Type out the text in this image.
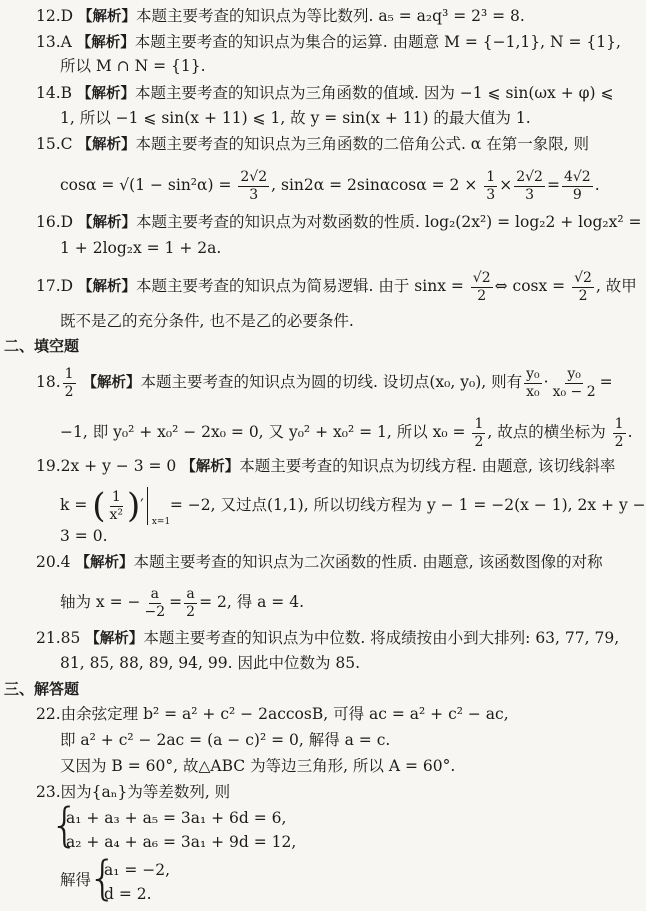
12.D 【解析】本题主要考查的知识点为等比数列. a₅ = a₂q³ = 2³ = 8.
13.A 【解析】本题主要考查的知识点为集合的运算. 由题意 M = {−1,1}, N = {1},
所以 M ∩ N = {1}.
14.B 【解析】本题主要考查的知识点为三角函数的值域. 因为 −1 ⩽ sin(ωx + φ) ⩽
1, 所以 −1 ⩽ sin(x + 11) ⩽ 1, 故 y = sin(x + 11) 的最大值为 1.
15.C 【解析】本题主要考查的知识点为三角函数的二倍角公式. α 在第一象限, 则
$\cos\alpha = √(1 - \sin^2\alpha) = \frac{2√2}{3}$ , $\sin 2\alpha = 2\sin\alpha\cos\alpha = 2 \times \frac{1}{3} \times \frac{2√2}{3} = \frac{4√2}{9}$ .
16.D 【解析】本题主要考查的知识点为对数函数的性质. log₂(2x²) = log₂2 + log₂x² =
1 + 2log₂x = 1 + 2a.
17.D 【解析】本题主要考查的知识点为简易逻辑. 由于 $\sin x = \frac{√2}{2}$ ⇔ $\cos x = \frac{√2}{2}$ , 故甲
既不是乙的充分条件, 也不是乙的必要条件.
二、填空题
18. $\frac{1}{2}$ 【解析】本题主要考查的知识点为圆的切线. 设切点(x₀, y₀), 则有 $\frac{\text{y₀}}{\text{x₀}} \cdot \frac{\text{y₀}}{\text{x₀ − 2}}$ =
−1, 即 y₀² + x₀² − 2x₀ = 0, 又 y₀² + x₀² = 1, 所以 $x_0 = \frac{1}{2}$ , 故点的横坐标为 $\frac{1}{2}$ .
19.2x + y − 3 = 0 【解析】本题主要考查的知识点为切线方程. 由题意, 该切线斜率
k = ( $\frac{1}{\text{x²}}$ )′
x=1
= −2, 又过点(1,1), 所以切线方程为 y − 1 = −2(x − 1), 2x + y −
3 = 0.
20.4 【解析】本题主要考查的知识点为二次函数的性质. 由题意, 该函数图像的对称
轴为 x = − $\frac{a}{-2} = \frac{a}{2} = 2$, 得 a = 4.
21.85 【解析】本题主要考查的知识点为中位数. 将成绩按由小到大排列: 63, 77, 79,
81, 85, 88, 89, 94, 99. 因此中位数为 85.
三、解答题
22.由余弦定理 b² = a² + c² − 2accosB, 可得 ac = a² + c² − ac,
即 a² + c² − 2ac = (a − c)² = 0, 解得 a = c.
又因为 B = 60°, 故△ABC 为等边三角形, 所以 A = 60°.
23.因为{aₙ}为等差数列, 则
{
a₁ + a₃ + a₅ = 3a₁ + 6d = 6,
a₂ + a₄ + a₆ = 3a₁ + 9d = 12,
解得
{
a₁ = −2,
d = 2.
